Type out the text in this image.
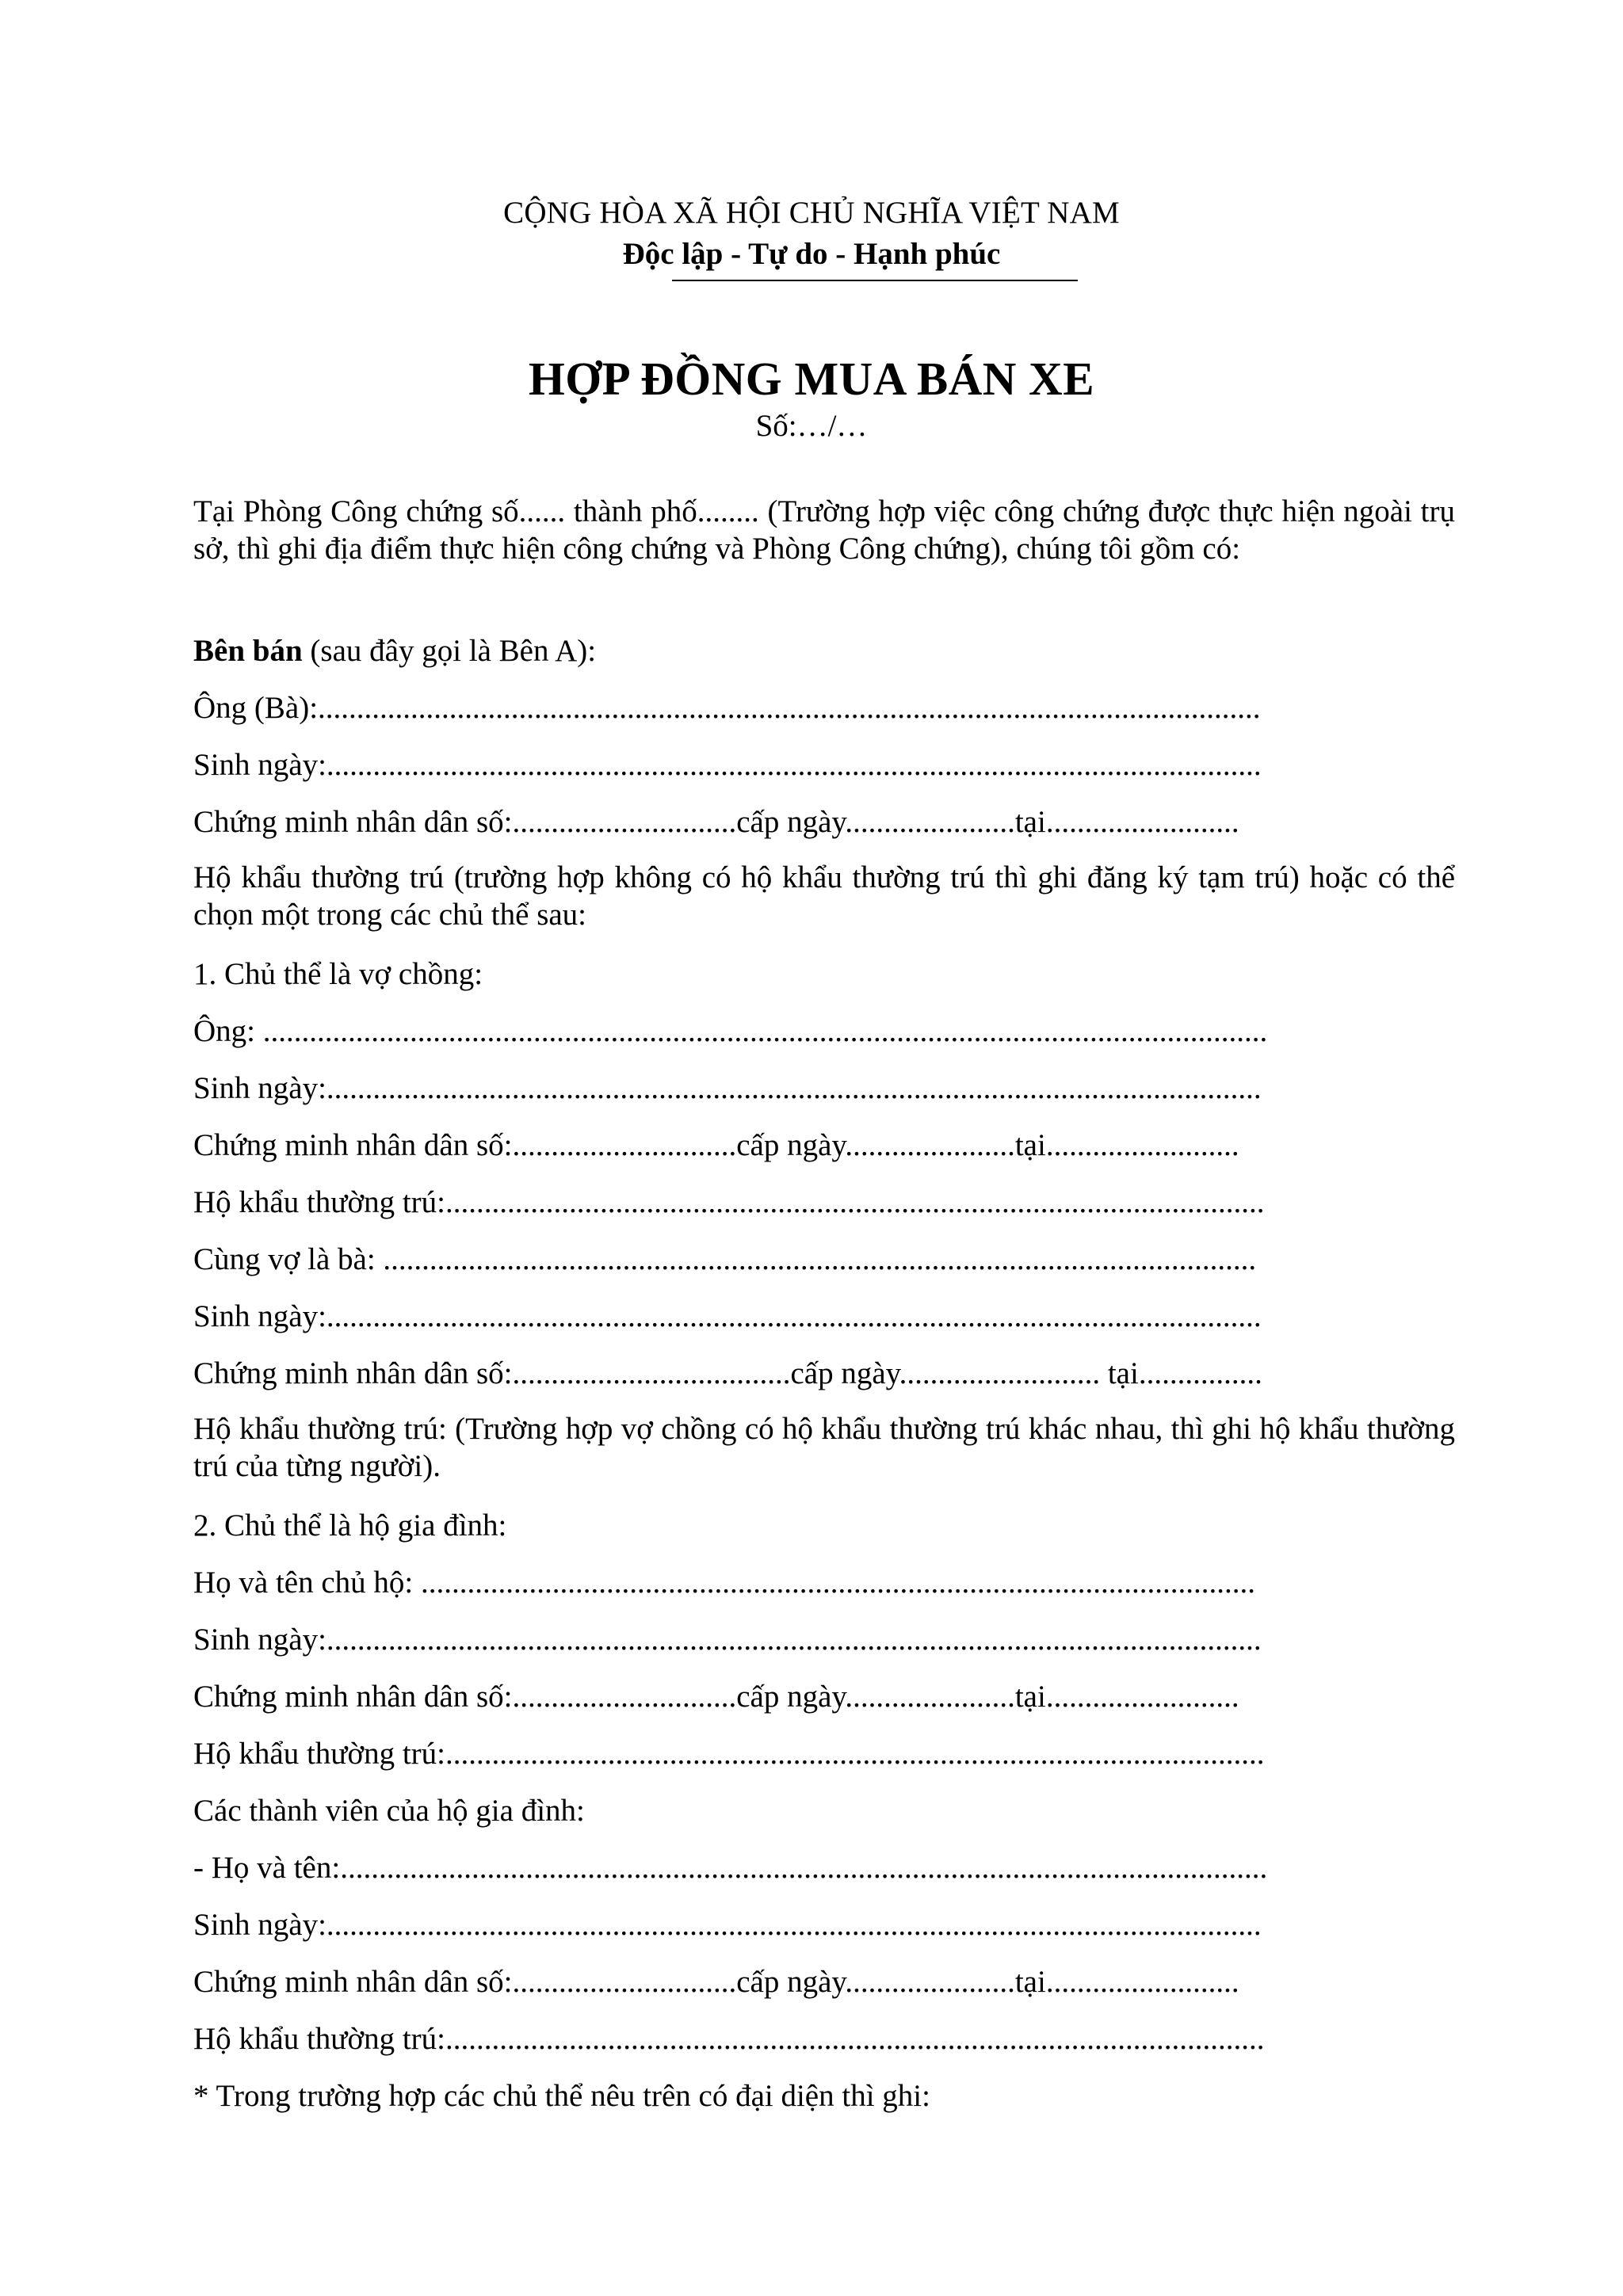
CỘNG HÒA XÃ HỘI CHỦ NGHĨA VIỆT NAM
Độc lập - Tự do - Hạnh phúc
HỢP ĐỒNG MUA BÁN XE
Số:…/…
Tại Phòng Công chứng số...... thành phố........ (Trường hợp việc công chứng được thực hiện ngoài trụ sở, thì ghi địa điểm thực hiện công chứng và Phòng Công chứng), chúng tôi gồm có:
Bên bán (sau đây gọi là Bên A):
Ông (Bà):..........................................................................................................................
Sinh ngày:.........................................................................................................................
Chứng minh nhân dân số:.............................cấp ngày......................tại.........................
Hộ khẩu thường trú (trường hợp không có hộ khẩu thường trú thì ghi đăng ký tạm trú) hoặc có thể chọn một trong các chủ thể sau:
1. Chủ thể là vợ chồng:
Ông: ..................................................................................................................................
Sinh ngày:.........................................................................................................................
Chứng minh nhân dân số:.............................cấp ngày......................tại.........................
Hộ khẩu thường trú:..........................................................................................................
Cùng vợ là bà: .................................................................................................................
Sinh ngày:.........................................................................................................................
Chứng minh nhân dân số:....................................cấp ngày.......................... tại................
Hộ khẩu thường trú: (Trường hợp vợ chồng có hộ khẩu thường trú khác nhau, thì ghi hộ khẩu thường trú của từng người).
2. Chủ thể là hộ gia đình:
Họ và tên chủ hộ: ............................................................................................................
Sinh ngày:.........................................................................................................................
Chứng minh nhân dân số:.............................cấp ngày......................tại.........................
Hộ khẩu thường trú:..........................................................................................................
Các thành viên của hộ gia đình:
- Họ và tên:........................................................................................................................
Sinh ngày:.........................................................................................................................
Chứng minh nhân dân số:.............................cấp ngày......................tại.........................
Hộ khẩu thường trú:..........................................................................................................
* Trong trường hợp các chủ thể nêu trên có đại diện thì ghi:
